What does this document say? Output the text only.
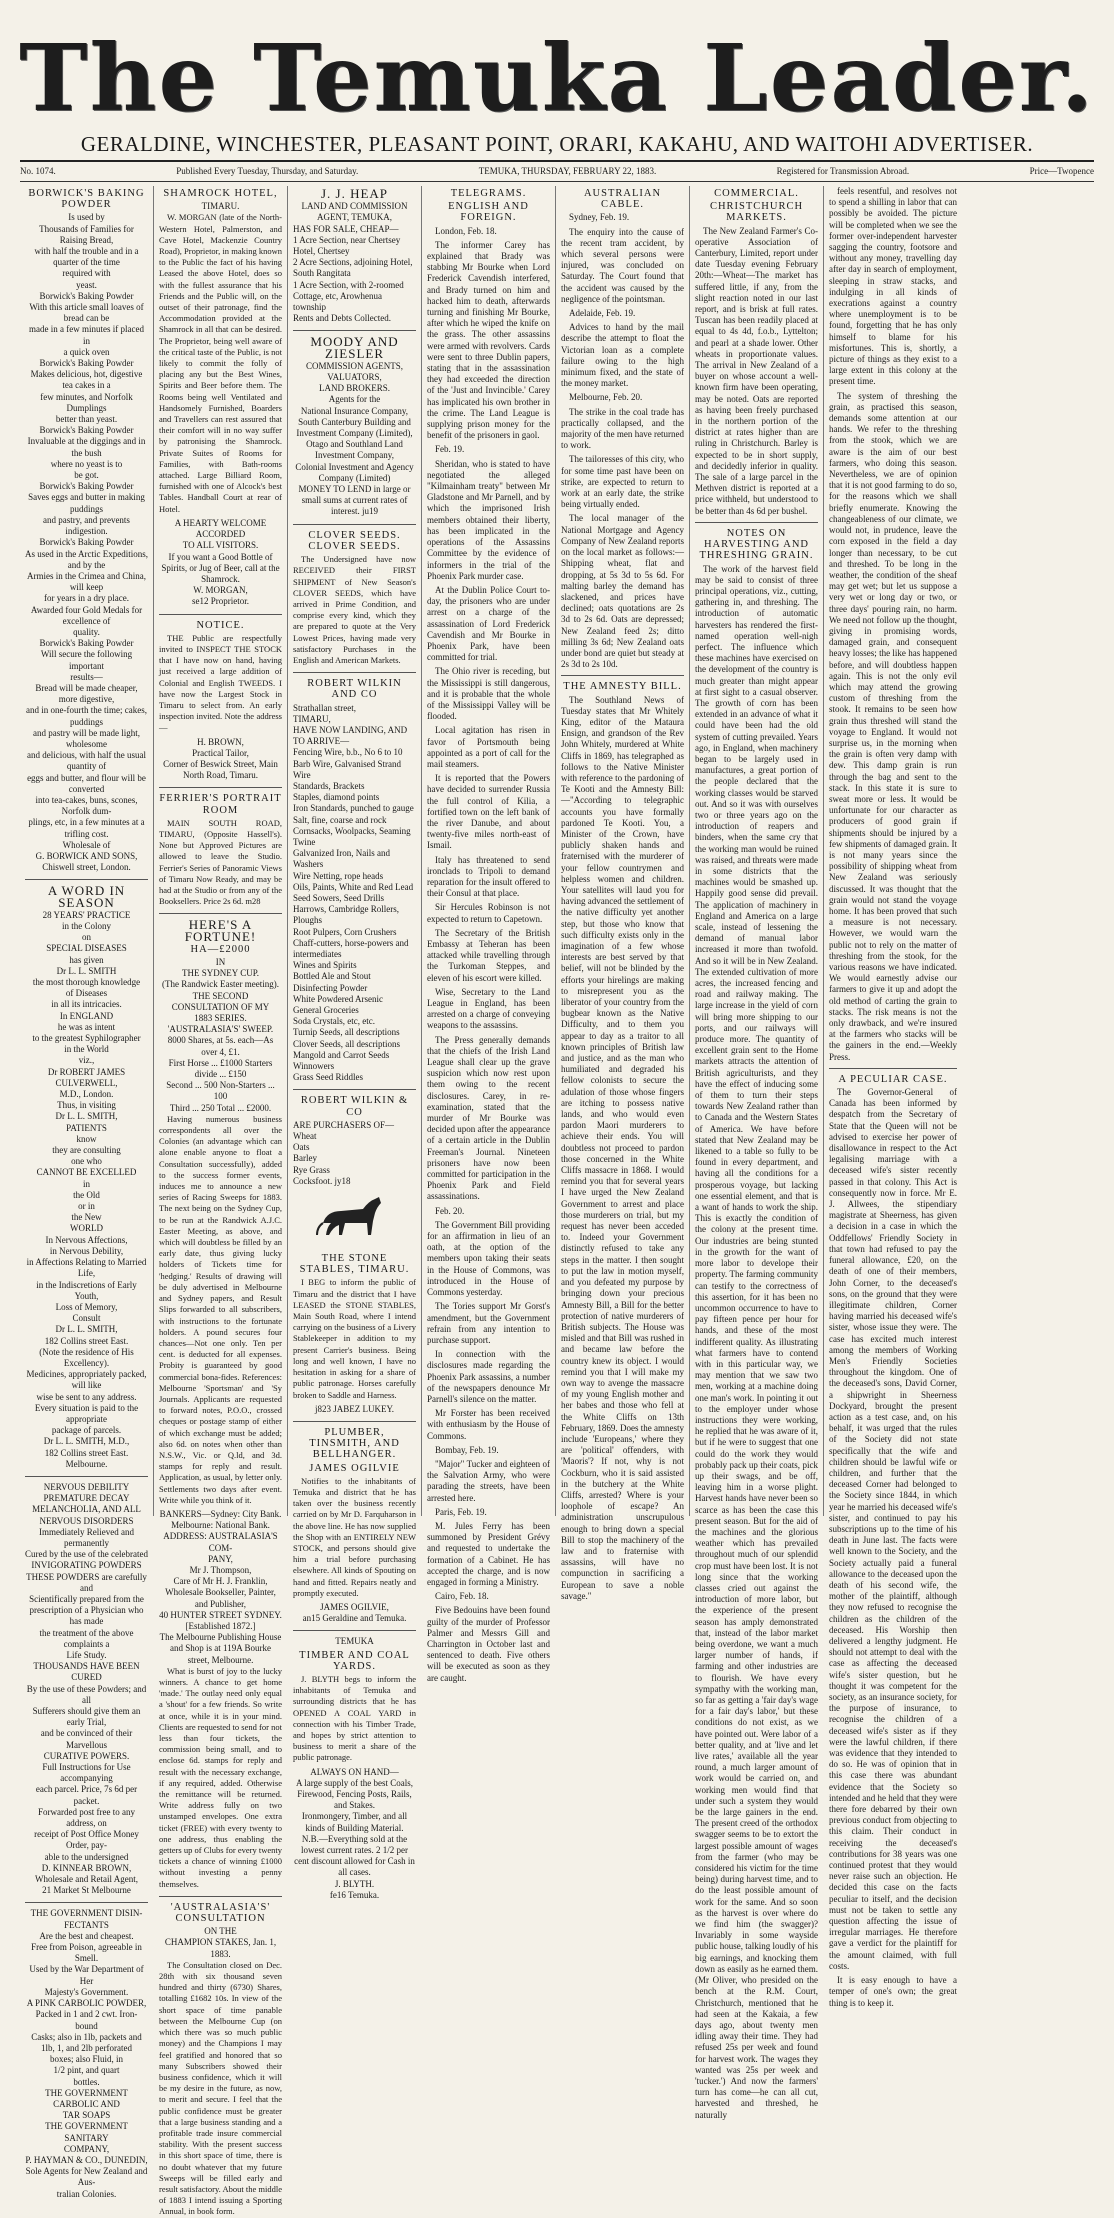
The Temuka Leader.
GERALDINE, WINCHESTER, PLEASANT POINT, ORARI, KAKAHU, AND WAITOHI ADVERTISER.
No. 1074.	Published Every Tuesday, Thursday, and Saturday.	TEMUKA, THURSDAY, FEBRUARY 22, 1883.	Registered for Transmission Abroad.	Price—Twopence
BORWICK'S BAKING POWDER
Is used by
Thousands of Families for Raising Bread,
with half the trouble and in a
quarter of the time
required with
yeast.
Borwick's Baking Powder
With this article small loaves of bread can be
made in a few minutes if placed in
a quick oven
Borwick's Baking Powder
Makes delicious, hot, digestive tea cakes in a
few minutes, and Norfolk Dumplings
better than yeast.
Borwick's Baking Powder
Invaluable at the diggings and in the bush
where no yeast is to
be got.
Borwick's Baking Powder
Saves eggs and butter in making puddings
and pastry, and prevents
indigestion.
Borwick's Baking Powder
As used in the Arctic Expeditions, and by the
Armies in the Crimea and China, will keep
for years in a dry place.
Awarded four Gold Medals for excellence of
quality.
Borwick's Baking Powder
Will secure the following important
results—
Bread will be made cheaper, more digestive,
and in one-fourth the time; cakes, puddings
and pastry will be made light, wholesome
and delicious, with half the usual quantity of
eggs and butter, and flour will be converted
into tea-cakes, buns, scones, Norfolk dum-
plings, etc, in a few minutes at a trifling cost.
Wholesale of
G. BORWICK AND SONS,
Chiswell street, London.
A WORD IN SEASON
28 YEARS' PRACTICE
in the Colony
on
SPECIAL DISEASES
has given
Dr L. L. SMITH
the most thorough knowledge
of Diseases
in all its intricacies.
In ENGLAND
he was as intent
to the greatest Syphilographer
in the World
viz.,
Dr ROBERT JAMES CULVERWELL,
M.D., London.
Thus, in visiting
Dr L. L. SMITH,
PATIENTS
know
they are consulting
one who
CANNOT BE EXCELLED
in
the Old
or in
the New
WORLD
In Nervous Affections,
in Nervous Debility,
in Affections Relating to Married Life,
in the Indiscretions of Early Youth,
Loss of Memory,
Consult
Dr L. L. SMITH,
182 Collins street East.
(Note the residence of His Excellency).
Medicines, appropriately packed, will like
wise be sent to any address.
Every situation is paid to the appropriate
package of parcels.
Dr L. L. SMITH, M.D.,
182 Collins street East.
Melbourne.
NERVOUS DEBILITY
PREMATURE DECAY
MELANCHOLIA, AND ALL
NERVOUS DISORDERS
Immediately Relieved and permanently
Cured by the use of the celebrated
INVIGORATING POWDERS
THESE POWDERS are carefully and
Scientifically prepared from the
prescription of a Physician who has made
the treatment of the above complaints a
Life Study.
THOUSANDS HAVE BEEN CURED
By the use of these Powders; and all
Sufferers should give them an early Trial,
and be convinced of their Marvellous
CURATIVE POWERS.
Full Instructions for Use accompanying
each parcel. Price, 7s 6d per packet.
Forwarded post free to any address, on
receipt of Post Office Money Order, pay-
able to the undersigned
D. KINNEAR BROWN,
Wholesale and Retail Agent,
21 Market St Melbourne
THE GOVERNMENT DISIN-
FECTANTS
Are the best and cheapest.
Free from Poison, agreeable in Smell.
Used by the War Department of Her
Majesty's Government.
A PINK CARBOLIC POWDER,
Packed in 1 and 2 cwt. Iron-bound
Casks; also in 1lb, packets and
1lb, 1, and 2lb perforated
boxes; also Fluid, in
1/2 pint, and quart
bottles.
THE GOVERNMENT CARBOLIC AND
TAR SOAPS
THE GOVERNMENT SANITARY
COMPANY,
P. HAYMAN & CO., DUNEDIN,
Sole Agents for New Zealand and Aus-
tralian Colonies.
SHAMROCK HOTEL,
TIMARU.

W. MORGAN (late of the North-Western Hotel, Palmerston, and Cave Hotel, Mackenzie Country Road), Proprietor, in making known to the Public the fact of his having Leased the above Hotel, does so with the fullest assurance that his Friends and the Public will, on the outset of their patronage, find the Accommodation provided at the Shamrock in all that can be desired. The Proprietor, being well aware of the critical taste of the Public, is not likely to commit the folly of placing any but the Best Wines, Spirits and Beer before them. The Rooms being well Ventilated and Handsomely Furnished, Boarders and Travellers can rest assured that their comfort will in no way suffer by patronising the Shamrock. Private Suites of Rooms for Families, with Bath-rooms attached. Large Billiard Room, furnished with one of Alcock's best Tables. Handball Court at rear of Hotel.

A HEARTY WELCOME ACCORDED
TO ALL VISITORS.
If you want a Good Bottle of Spirits, or Jug of Beer, call at the Shamrock.
W. MORGAN,
se12 Proprietor.
NOTICE.

THE Public are respectfully invited to INSPECT THE STOCK that I have now on hand, having just received a large addition of Colonial and English TWEEDS. I have now the Largest Stock in Timaru to select from. An early inspection invited. Note the address—

H. BROWN,
Practical Tailor,
Corner of Beswick Street, Main North Road, Timaru.
FERRIER'S PORTRAIT ROOM

MAIN SOUTH ROAD, TIMARU, (Opposite Hassell's). None but Approved Pictures are allowed to leave the Studio. Ferrier's Series of Panoramic Views of Timaru Now Ready, and may be had at the Studio or from any of the Booksellers. Price 2s 6d. m28

HERE'S A FORTUNE!
HA—£2000
IN
THE SYDNEY CUP.
(The Randwick Easter meeting).
THE SECOND CONSULTATION OF MY
1883 SERIES.
'AUSTRALASIA'S' SWEEP.
8000 Shares, at 5s. each—As over 4, £1.
First Horse ... £1000 Starters divide ... £150
Second ... 500 Non-Starters ... 100
Third ... 250 Total ... £2000.

Having numerous business correspondents all over the Colonies (an advantage which can alone enable anyone to float a Consultation successfully), added to the success former events, induces me to announce a new series of Racing Sweeps for 1883. The next being on the Sydney Cup, to be run at the Randwick A.J.C. Easter Meeting, as above, and which will doubtless be filled by an early date, thus giving lucky holders of Tickets time for 'hedging.' Results of drawing will be duly advertised in Melbourne and Sydney papers, and Result Slips forwarded to all subscribers, with instructions to the fortunate holders. A pound secures four chances—Not one only. Ten per cent. is deducted for all expenses. Probity is guaranteed by good commercial bona-fides. References: Melbourne 'Sportsman' and 'Sy Journals. Applicants are requested to forward notes, P.O.O., crossed cheques or postage stamp of either of which exchange must be added; also 6d. on notes when other than N.S.W., Vic. or Q.ld, and 3d. stamps for reply and result. Application, as usual, by letter only. Settlements two days after event. Write while you think of it.

BANKERS—Sydney: City Bank.
Melbourne: National Bank.
ADDRESS: AUSTRALASIA'S COM-
PANY,
Mr J. Thompson,
Care of Mr H. J. Franklin,
Wholesale Bookseller, Painter, and Publisher,
40 HUNTER STREET SYDNEY.
[Established 1872.]
The Melbourne Publishing House and Shop is at 119A Bourke street, Melbourne.

What is burst of joy to the lucky winners. A chance to get home 'made.' The outlay need only equal a 'shout' for a few friends. So write at once, while it is in your mind. Clients are requested to send for not less than four tickets, the commission being small, and to enclose 6d. stamps for reply and result with the necessary exchange, if any required, added. Otherwise the remittance will be returned. Write address fully on two unstamped envelopes. One extra ticket (FREE) with every twenty to one address, thus enabling the getters up of Clubs for every twenty tickets a chance of winning £1000 without investing a penny themselves.

'AUSTRALASIA'S' CONSULTATION
ON THE
CHAMPION STAKES, Jan. 1, 1883.

The Consultation closed on Dec. 28th with six thousand seven hundred and thirty (6730) Shares, totalling £1682 10s. In view of the short space of time panable between the Melbourne Cup (on which there was so much public money) and the Champions I may feel gratified and honored that so many Subscribers showed their business confidence, which it will be my desire in the future, as now, to merit and secure. I feel that the public confidence must be greater that a large business standing and a profitable trade insure commercial stability. With the present success in this short space of time, there is no doubt whatever that my future Sweeps will be filled early and result satisfactory. About the middle of 1883 I intend issuing a Sporting Annual, in book form.

J. J. HEAP
LAND AND COMMISSION AGENT, TEMUKA,
HAS FOR SALE, CHEAP—
1 Acre Section, near Chertsey Hotel, Chertsey
2 Acre Sections, adjoining Hotel, South Rangitata
1 Acre Section, with 2-roomed Cottage, etc, Arowhenua township
Rents and Debts Collected.
MOODY AND ZIESLER
COMMISSION AGENTS,
VALUATORS,
LAND BROKERS.
Agents for the
National Insurance Company,
South Canterbury Building and Investment Company (Limited),
Otago and Southland Land Investment Company,
Colonial Investment and Agency Company (Limited)
MONEY TO LEND in large or small sums at current rates of interest. ju19
CLOVER SEEDS. CLOVER SEEDS.

The Undersigned have now RECEIVED their FIRST SHIPMENT of New Season's CLOVER SEEDS, which have arrived in Prime Condition, and comprise every kind, which they are prepared to quote at the Very Lowest Prices, having made very satisfactory Purchases in the English and American Markets.

ROBERT WILKIN AND CO
Strathallan street,
TIMARU,
HAVE NOW LANDING, AND TO ARRIVE—
Fencing Wire, b.b., No 6 to 10
Barb Wire, Galvanised Strand Wire
Standards, Brackets
Staples, diamond points
Iron Standards, punched to gauge
Salt, fine, coarse and rock
Cornsacks, Woolpacks, Seaming Twine
Galvanized Iron, Nails and Washers
Wire Netting, rope heads
Oils, Paints, White and Red Lead
Seed Sowers, Seed Drills
Harrows, Cambridge Rollers, Ploughs
Root Pulpers, Corn Crushers
Chaff-cutters, horse-powers and intermediates
Wines and Spirits
Bottled Ale and Stout
Disinfecting Powder
White Powdered Arsenic
General Groceries
Soda Crystals, etc, etc.
Turnip Seeds, all descriptions
Clover Seeds, all descriptions
Mangold and Carrot Seeds
Winnowers
Grass Seed Riddles
ROBERT WILKIN & CO
ARE PURCHASERS OF—
Wheat
Oats
Barley
Rye Grass
Cocksfoot. jy18
THE STONE STABLES, TIMARU.

I BEG to inform the public of Timaru and the district that I have LEASED the STONE STABLES, Main South Road, where I intend carrying on the business of a Livery Stablekeeper in addition to my present Carrier's business. Being long and well known, I have no hesitation in asking for a share of public patronage. Horses carefully broken to Saddle and Harness.

j823 JABEZ LUKEY.
PLUMBER, TINSMITH, AND BELLHANGER.
JAMES OGILVIE

Notifies to the inhabitants of Temuka and district that he has taken over the business recently carried on by Mr D. Farquharson in the above line. He has now supplied the Shop with an ENTIRELY NEW STOCK, and persons should give him a trial before purchasing elsewhere. All kinds of Spouting on hand and fitted. Repairs neatly and promptly executed.

JAMES OGILVIE,
an15 Geraldine and Temuka.
TEMUKA
TIMBER AND COAL YARDS.

J. BLYTH begs to inform the inhabitants of Temuka and surrounding districts that he has OPENED A COAL YARD in connection with his Timber Trade, and hopes by strict attention to business to merit a share of the public patronage.

ALWAYS ON HAND—
A large supply of the best Coals, Firewood, Fencing Posts, Rails, and Stakes.
Ironmongery, Timber, and all kinds of Building Material.
N.B.—Everything sold at the lowest current rates. 2 1/2 per cent discount allowed for Cash in all cases.
J. BLYTH.
fe16 Temuka.
TELEGRAMS.
ENGLISH AND FOREIGN.

London, Feb. 18.

The informer Carey has explained that Brady was stabbing Mr Bourke when Lord Frederick Cavendish interfered, and Brady turned on him and hacked him to death, afterwards turning and finishing Mr Bourke, after which he wiped the knife on the grass. The other assassins were armed with revolvers. Cards were sent to three Dublin papers, stating that in the assassination they had exceeded the direction of the 'Just and Invincible.' Carey has implicated his own brother in the crime. The Land League is supplying prison money for the benefit of the prisoners in gaol.

Feb. 19.

Sheridan, who is stated to have negotiated the alleged "Kilmainham treaty" between Mr Gladstone and Mr Parnell, and by which the imprisoned Irish members obtained their liberty, has been implicated in the operations of the Assassins Committee by the evidence of informers in the trial of the Phoenix Park murder case.

At the Dublin Police Court to-day, the prisoners who are under arrest on a charge of the assassination of Lord Frederick Cavendish and Mr Bourke in Phoenix Park, have been committed for trial.

The Ohio river is receding, but the Mississippi is still dangerous, and it is probable that the whole of the Mississippi Valley will be flooded.

Local agitation has risen in favor of Portsmouth being appointed as a port of call for the mail steamers.

It is reported that the Powers have decided to surrender Russia the full control of Kilia, a fortified town on the left bank of the river Danube, and about twenty-five miles north-east of Ismail.

Italy has threatened to send ironclads to Tripoli to demand reparation for the insult offered to their Consul at that place.

Sir Hercules Robinson is not expected to return to Capetown.

The Secretary of the British Embassy at Teheran has been attacked while travelling through the Turkoman Steppes, and eleven of his escort were killed.

Wise, Secretary to the Land League in England, has been arrested on a charge of conveying weapons to the assassins.

The Press generally demands that the chiefs of the Irish Land League shall clear up the grave suspicion which now rest upon them owing to the recent disclosures. Carey, in re-examination, stated that the murder of Mr Bourke was decided upon after the appearance of a certain article in the Dublin Freeman's Journal. Nineteen prisoners have now been committed for participation in the Phoenix Park and Field assassinations.

Feb. 20.

The Government Bill providing for an affirmation in lieu of an oath, at the option of the members upon taking their seats in the House of Commons, was introduced in the House of Commons yesterday.

The Tories support Mr Gorst's amendment, but the Government refrain from any intention to purchase support.

In connection with the disclosures made regarding the Phoenix Park assassins, a number of the newspapers denounce Mr Parnell's silence on the matter.

Mr Forster has been received with enthusiasm by the House of Commons.

Bombay, Feb. 19.

"Major" Tucker and eighteen of the Salvation Army, who were parading the streets, have been arrested here.

Paris, Feb. 19.

M. Jules Ferry has been summoned by President Grévy and requested to undertake the formation of a Cabinet. He has accepted the charge, and is now engaged in forming a Ministry.

Cairo, Feb. 18.

Five Bedouins have been found guilty of the murder of Professor Palmer and Messrs Gill and Charrington in October last and sentenced to death. Five others will be executed as soon as they are caught.

AUSTRALIAN CABLE.

Sydney, Feb. 19.

The enquiry into the cause of the recent tram accident, by which several persons were injured, was concluded on Saturday. The Court found that the accident was caused by the negligence of the pointsman.

Adelaide, Feb. 19.

Advices to hand by the mail describe the attempt to float the Victorian loan as a complete failure owing to the high minimum fixed, and the state of the money market.

Melbourne, Feb. 20.

The strike in the coal trade has practically collapsed, and the majority of the men have returned to work.

The tailoresses of this city, who for some time past have been on strike, are expected to return to work at an early date, the strike being virtually ended.

The local manager of the National Mortgage and Agency Company of New Zealand reports on the local market as follows:—Shipping wheat, flat and dropping, at 5s 3d to 5s 6d. For malting barley the demand has slackened, and prices have declined; oats quotations are 2s 3d to 2s 6d. Oats are depressed; New Zealand feed 2s; ditto milling 3s 6d; New Zealand oats under bond are quiet but steady at 2s 3d to 2s 10d.

THE AMNESTY BILL.

The Southland News of Tuesday states that Mr Whitely King, editor of the Mataura Ensign, and grandson of the Rev John Whitely, murdered at White Cliffs in 1869, has telegraphed as follows to the Native Minister with reference to the pardoning of Te Kooti and the Amnesty Bill:—"According to telegraphic accounts you have formally pardoned Te Kooti. You, a Minister of the Crown, have publicly shaken hands and fraternised with the murderer of your fellow countrymen and helpless women and children. Your satellites will laud you for having advanced the settlement of the native difficulty yet another step, but those who know that such difficulty exists only in the imagination of a few whose interests are best served by that belief, will not be blinded by the efforts your hirelings are making to misrepresent you as the liberator of your country from the bugbear known as the Native Difficulty, and to them you appear to day as a traitor to all known principles of British law and justice, and as the man who humiliated and degraded his fellow colonists to secure the adulation of those whose fingers are itching to possess native lands, and who would even pardon Maori murderers to achieve their ends. You will doubtless not proceed to pardon those concerned in the White Cliffs massacre in 1868. I would remind you that for several years I have urged the New Zealand Government to arrest and place those murderers on trial, but my request has never been acceded to. Indeed your Government distinctly refused to take any steps in the matter. I then sought to put the law in motion myself, and you defeated my purpose by bringing down your precious Amnesty Bill, a Bill for the better protection of native murderers of British subjects. The House was misled and that Bill was rushed in and became law before the country knew its object. I would remind you that I will make my own way to avenge the massacre of my young English mother and her babes and those who fell at the White Cliffs on 13th February, 1869. Does the amnesty include 'Europeans,' where they are 'political' offenders, with 'Maoris'? If not, why is not Cockburn, who it is said assisted in the butchery at the White Cliffs, arrested? Where is your loophole of escape? An administration unscrupulous enough to bring down a special Bill to stop the machinery of the law and to fraternise with assassins, will have no compunction in sacrificing a European to save a noble savage."

COMMERCIAL.
CHRISTCHURCH MARKETS.

The New Zealand Farmer's Co-operative Association of Canterbury, Limited, report under date Tuesday evening February 20th:—Wheat—The market has suffered little, if any, from the slight reaction noted in our last report, and is brisk at full rates. Tuscan has been readily placed at equal to 4s 4d, f.o.b., Lyttelton; and pearl at a shade lower. Other wheats in proportionate values. The arrival in New Zealand of a buyer on whose account a well-known firm have been operating, may be noted. Oats are reported as having been freely purchased in the northern portion of the district at rates higher than are ruling in Christchurch. Barley is expected to be in short supply, and decidedly inferior in quality. The sale of a large parcel in the Methven district is reported at a price withheld, but understood to be better than 4s 6d per bushel.

NOTES ON HARVESTING AND THRESHING GRAIN.

The work of the harvest field may be said to consist of three principal operations, viz., cutting, gathering in, and threshing. The introduction of automatic harvesters has rendered the first-named operation well-nigh perfect. The influence which these machines have exercised on the development of the country is much greater than might appear at first sight to a casual observer. The growth of corn has been extended in an advance of what it could have been had the old system of cutting prevailed. Years ago, in England, when machinery began to be largely used in manufactures, a great portion of the people declared that the working classes would be starved out. And so it was with ourselves two or three years ago on the introduction of reapers and binders, when the same cry that the working man would be ruined was raised, and threats were made in some districts that the machines would be smashed up. Happily good sense did prevail. The application of machinery in England and America on a large scale, instead of lessening the demand of manual labor increased it more than twofold. And so it will be in New Zealand. The extended cultivation of more acres, the increased fencing and road and railway making. The large increase in the yield of corn will bring more shipping to our ports, and our railways will produce more. The quantity of excellent grain sent to the Home markets attracts the attention of British agriculturists, and they have the effect of inducing some of them to turn their steps towards New Zealand rather than to Canada and the Western States of America. We have before stated that New Zealand may be likened to a table so fully to be found in every department, and having all the conditions for a prosperous voyage, but lacking one essential element, and that is a want of hands to work the ship. This is exactly the condition of the colony at the present time. Our industries are being stunted in the growth for the want of more labor to develope their property. The farming community can testify to the correctness of this assertion, for it has been no uncommon occurrence to have to pay fifteen pence per hour for hands, and these of the most indifferent quality. As illustrating what farmers have to contend with in this particular way, we may mention that we saw two men, working at a machine doing one man's work. In pointing it out to the employer under whose instructions they were working, he replied that he was aware of it, but if he were to suggest that one could do the work they would probably pack up their coats, pick up their swags, and be off, leaving him in a worse plight. Harvest hands have never been so scarce as has been the case this present season. But for the aid of the machines and the glorious weather which has prevailed throughout much of our splendid crop must have been lost. It is not long since that the working classes cried out against the introduction of more labor, but the experience of the present season has amply demonstrated that, instead of the labor market being overdone, we want a much larger number of hands, if farming and other industries are to flourish. We have every sympathy with the working man, so far as getting a 'fair day's wage for a fair day's labor,' but these conditions do not exist, as we have pointed out. Were labor of a better quality, and at 'live and let live rates,' available all the year round, a much larger amount of work would be carried on, and working men would find that under such a system they would be the large gainers in the end. The present creed of the orthodox swagger seems to be to extort the largest possible amount of wages from the farmer (who may be considered his victim for the time being) during harvest time, and to do the least possible amount of work for the same. And so soon as the harvest is over where do we find him (the swagger)? Invariably in some wayside public house, talking loudly of his big earnings, and knocking them down as easily as he earned them. (Mr Oliver, who presided on the bench at the R.M. Court, Christchurch, mentioned that he had seen at the Kakaia, a few days ago, about twenty men idling away their time. They had refused 25s per week and found for harvest work. The wages they wanted was 25s per week and 'tucker.') And now the farmers' turn has come—he can all cut, harvested and threshed, he naturally

feels resentful, and resolves not to spend a shilling in labor that can possibly be avoided. The picture will be completed when we see the former over-independent harvester sagging the country, footsore and without any money, travelling day after day in search of employment, sleeping in straw stacks, and indulging in all kinds of execrations against a country where unemployment is to be found, forgetting that he has only himself to blame for his misfortunes. This is, shortly, a picture of things as they exist to a large extent in this colony at the present time.

The system of threshing the grain, as practised this season, demands some attention at our hands. We refer to the threshing from the stook, which we are aware is the aim of our best farmers, who doing this season. Nevertheless, we are of opinion that it is not good farming to do so, for the reasons which we shall briefly enumerate. Knowing the changeableness of our climate, we would not, in prudence, leave the corn exposed in the field a day longer than necessary, to be cut and threshed. To be long in the weather, the condition of the sheaf may get wet; but let us suppose a very wet or long day or two, or three days' pouring rain, no harm. We need not follow up the thought, giving in promising words, damaged grain, and consequent heavy losses; the like has happened before, and will doubtless happen again. This is not the only evil which may attend the growing custom of threshing from the stook. It remains to be seen how grain thus threshed will stand the voyage to England. It would not surprise us, in the morning when the grain is often very damp with dew. This damp grain is run through the bag and sent to the stack. In this state it is sure to sweat more or less. It would be unfortunate for our character as producers of good grain if shipments should be injured by a few shipments of damaged grain. It is not many years since the possibility of shipping wheat from New Zealand was seriously discussed. It was thought that the grain would not stand the voyage home. It has been proved that such a measure is not necessary. However, we would warn the public not to rely on the matter of threshing from the stook, for the various reasons we have indicated. We would earnestly advise our farmers to give it up and adopt the old method of carting the grain to stacks. The risk means is not the only drawback, and we're insured at the farmers who stacks will be the gainers in the end.—Weekly Press.

A PECULIAR CASE.

The Governor-General of Canada has been informed by despatch from the Secretary of State that the Queen will not be advised to exercise her power of disallowance in respect to the Act legalising marriage with a deceased wife's sister recently passed in that colony. This Act is consequently now in force. Mr E. J. Allwees, the stipendiary magistrate at Sheerness, has given a decision in a case in which the Oddfellows' Friendly Society in that town had refused to pay the funeral allowance, £20, on the death of one of their members, John Corner, to the deceased's sons, on the ground that they were illegitimate children, Corner having married his deceased wife's sister, whose issue they were. The case has excited much interest among the members of Working Men's Friendly Societies throughout the kingdom. One of the deceased's sons, David Corner, a shipwright in Sheerness Dockyard, brought the present action as a test case, and, on his behalf, it was urged that the rules of the Society did not state specifically that the wife and children should be lawful wife or children, and further that the deceased Corner had belonged to the Society since 1844, in which year he married his deceased wife's sister, and continued to pay his subscriptions up to the time of his death in June last. The facts were well known to the Society, and the Society actually paid a funeral allowance to the deceased upon the death of his second wife, the mother of the plaintiff, although they now refused to recognise the children as the children of the deceased. His Worship then delivered a lengthy judgment. He should not attempt to deal with the case as affecting the deceased wife's sister question, but he thought it was competent for the society, as an insurance society, for the purpose of insurance, to recognise the children of a deceased wife's sister as if they were the lawful children, if there was evidence that they intended to do so. He was of opinion that in this case there was abundant evidence that the Society so intended and he held that they were there fore debarred by their own previous conduct from objecting to this claim. Their conduct in receiving the deceased's contributions for 38 years was one continued protest that they would never raise such an objection. He decided this case on the facts peculiar to itself, and the decision must not be taken to settle any question affecting the issue of irregular marriages. He therefore gave a verdict for the plaintiff for the amount claimed, with full costs.

It is easy enough to have a temper of one's own; the great thing is to keep it.
